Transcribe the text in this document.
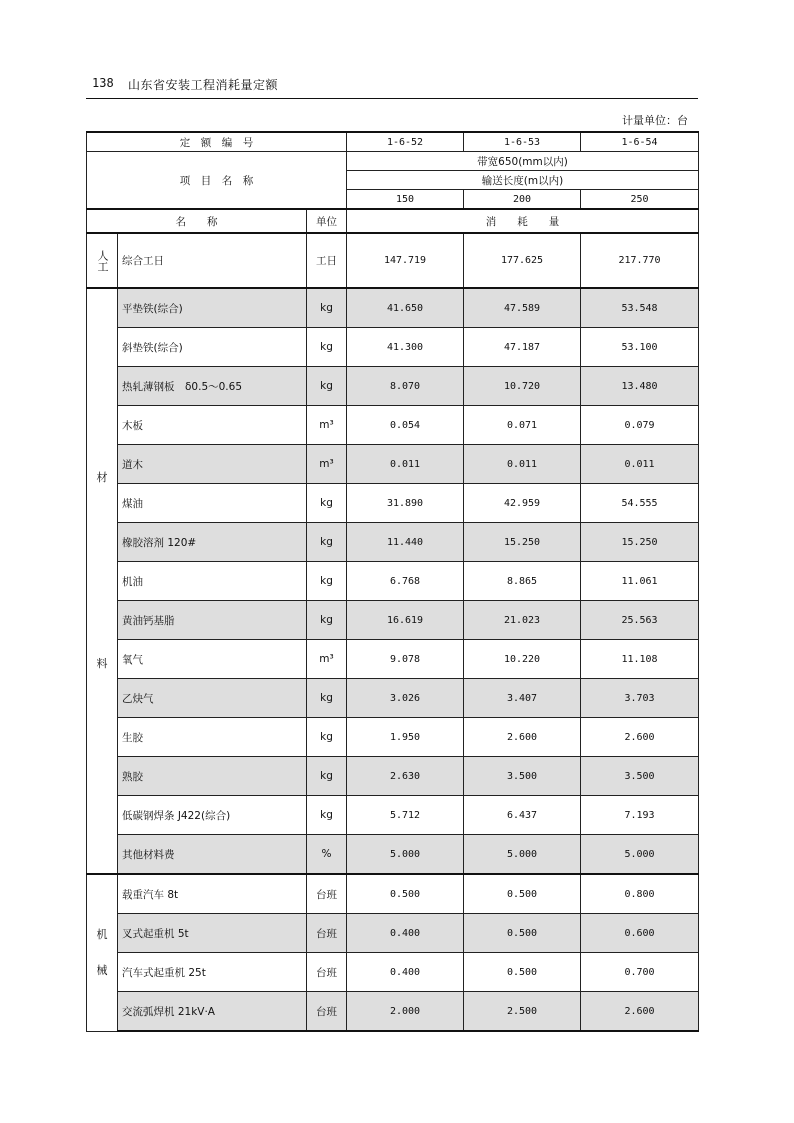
138 山东省安装工程消耗量定额
计量单位：台
定　额　编　号			1-6-52	1-6-53	1-6-54
项　目　名　称			带宽650(mm以内)		
			输送长度(m以内)		
			150	200	250
名　　称		单位	消　　耗　　量		
人工	综合工日	工日	147.719	177.625	217.770

材
料	平垫铁(综合)	kg	41.650	47.589	53.548
	斜垫铁(综合)	kg	41.300	47.187	53.100
	热轧薄钢板　δ0.5～0.65	kg	8.070	10.720	13.480
	木板	m³	0.054	0.071	0.079
	道木	m³	0.011	0.011	0.011
	煤油	kg	31.890	42.959	54.555
	橡胶溶剂 120#	kg	11.440	15.250	15.250
	机油	kg	6.768	8.865	11.061
	黄油钙基脂	kg	16.619	21.023	25.563
	氧气	m³	9.078	10.220	11.108
	乙炔气	kg	3.026	3.407	3.703
	生胶	kg	1.950	2.600	2.600
	熟胶	kg	2.630	3.500	3.500
	低碳钢焊条 J422(综合)	kg	5.712	6.437	7.193
	其他材料费	%	5.000	5.000	5.000

机
械	载重汽车 8t	台班	0.500	0.500	0.800
	叉式起重机 5t	台班	0.400	0.500	0.600
	汽车式起重机 25t	台班	0.400	0.500	0.700
	交流弧焊机 21kV·A	台班	2.000	2.500	2.600
